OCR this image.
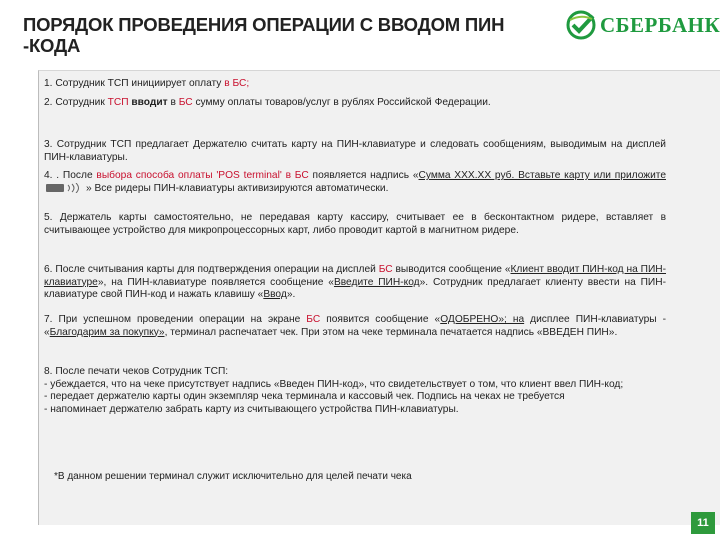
ПОРЯДОК ПРОВЕДЕНИЯ ОПЕРАЦИИ С ВВОДОМ ПИН -КОДА
СБЕРБАНК
1. Сотрудник ТСП инициирует оплату в БС;
2. Сотрудник ТСП вводит в БС сумму оплаты товаров/услуг в рублях Российской Федерации.
3. Сотрудник ТСП предлагает Держателю считать карту на ПИН-клавиатуре и следовать сообщениям, выводимым на дисплей ПИН-клавиатуры.
4. . После выбора способа оплаты 'POS terminal' в БС появляется надпись «Сумма XXX.XX руб. Вставьте карту или приложите » Все ридеры ПИН-клавиатуры активизируются автоматически.
5. Держатель карты самостоятельно, не передавая карту кассиру, считывает ее в бесконтактном ридере, вставляет в считывающее устройство для микропроцессорных карт, либо проводит картой в магнитном ридере.
6. После считывания карты для подтверждения операции на дисплей БС выводится сообщение «Клиент вводит ПИН-код на ПИН-клавиатуре», на ПИН-клавиатуре появляется сообщение «Введите ПИН-код». Сотрудник предлагает клиенту ввести на ПИН-клавиатуре свой ПИН-код и нажать клавишу «Ввод».
7. При успешном проведении операции на экране БС появится сообщение «ОДОБРЕНО»; на дисплее ПИН-клавиатуры - «Благодарим за покупку», терминал распечатает чек. При этом на чеке терминала печатается надпись «ВВЕДЕН ПИН».
8. После печати чеков Сотрудник ТСП:
- убеждается, что на чеке присутствует надпись «Введен ПИН-код», что свидетельствует о том, что клиент ввел ПИН-код;
- передает держателю карты один экземпляр чека терминала и кассовый чек. Подпись на чеках не требуется
- напоминает держателю забрать карту из считывающего устройства ПИН-клавиатуры.
*В данном решении терминал служит исключительно для целей печати чека
11
